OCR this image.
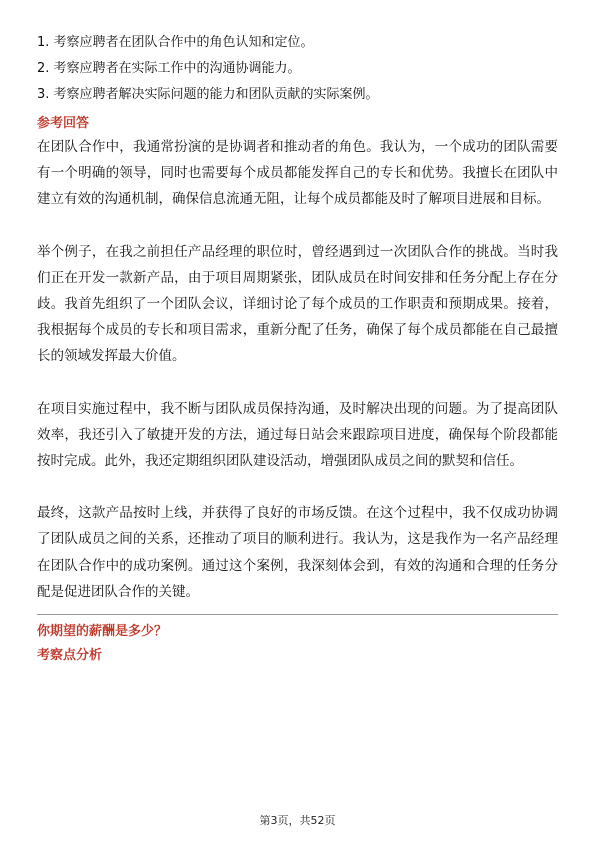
1. 考察应聘者在团队合作中的角色认知和定位。
2. 考察应聘者在实际工作中的沟通协调能力。
3. 考察应聘者解决实际问题的能力和团队贡献的实际案例。
参考回答

在团队合作中，我通常扮演的是协调者和推动者的角色。我认为，一个成功的团队需要有一个明确的领导，同时也需要每个成员都能发挥自己的专长和优势。我擅长在团队中建立有效的沟通机制，确保信息流通无阻，让每个成员都能及时了解项目进展和目标。

举个例子，在我之前担任产品经理的职位时，曾经遇到过一次团队合作的挑战。当时我们正在开发一款新产品，由于项目周期紧张，团队成员在时间安排和任务分配上存在分歧。我首先组织了一个团队会议，详细讨论了每个成员的工作职责和预期成果。接着，我根据每个成员的专长和项目需求，重新分配了任务，确保了每个成员都能在自己最擅长的领域发挥最大价值。

在项目实施过程中，我不断与团队成员保持沟通，及时解决出现的问题。为了提高团队效率，我还引入了敏捷开发的方法，通过每日站会来跟踪项目进度，确保每个阶段都能按时完成。此外，我还定期组织团队建设活动，增强团队成员之间的默契和信任。

最终，这款产品按时上线，并获得了良好的市场反馈。在这个过程中，我不仅成功协调了团队成员之间的关系，还推动了项目的顺利进行。我认为，这是我作为一名产品经理在团队合作中的成功案例。通过这个案例，我深刻体会到，有效的沟通和合理的任务分配是促进团队合作的关键。

你期望的薪酬是多少？
考察点分析
第3页，共52页
